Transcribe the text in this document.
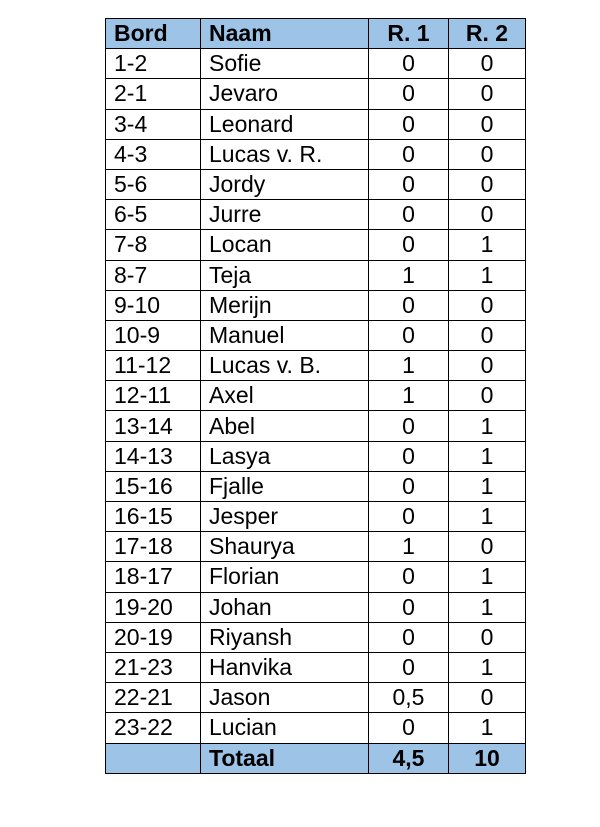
Bord	Naam	R. 1	R. 2
1-2	Sofie	0	0
2-1	Jevaro	0	0
3-4	Leonard	0	0
4-3	Lucas v. R.	0	0
5-6	Jordy	0	0
6-5	Jurre	0	0
7-8	Locan	0	1
8-7	Teja	1	1
9-10	Merijn	0	0
10-9	Manuel	0	0
11-12	Lucas v. B.	1	0
12-11	Axel	1	0
13-14	Abel	0	1
14-13	Lasya	0	1
15-16	Fjalle	0	1
16-15	Jesper	0	1
17-18	Shaurya	1	0
18-17	Florian	0	1
19-20	Johan	0	1
20-19	Riyansh	0	0
21-23	Hanvika	0	1
22-21	Jason	0,5	0
23-22	Lucian	0	1
	Totaal	4,5	10
